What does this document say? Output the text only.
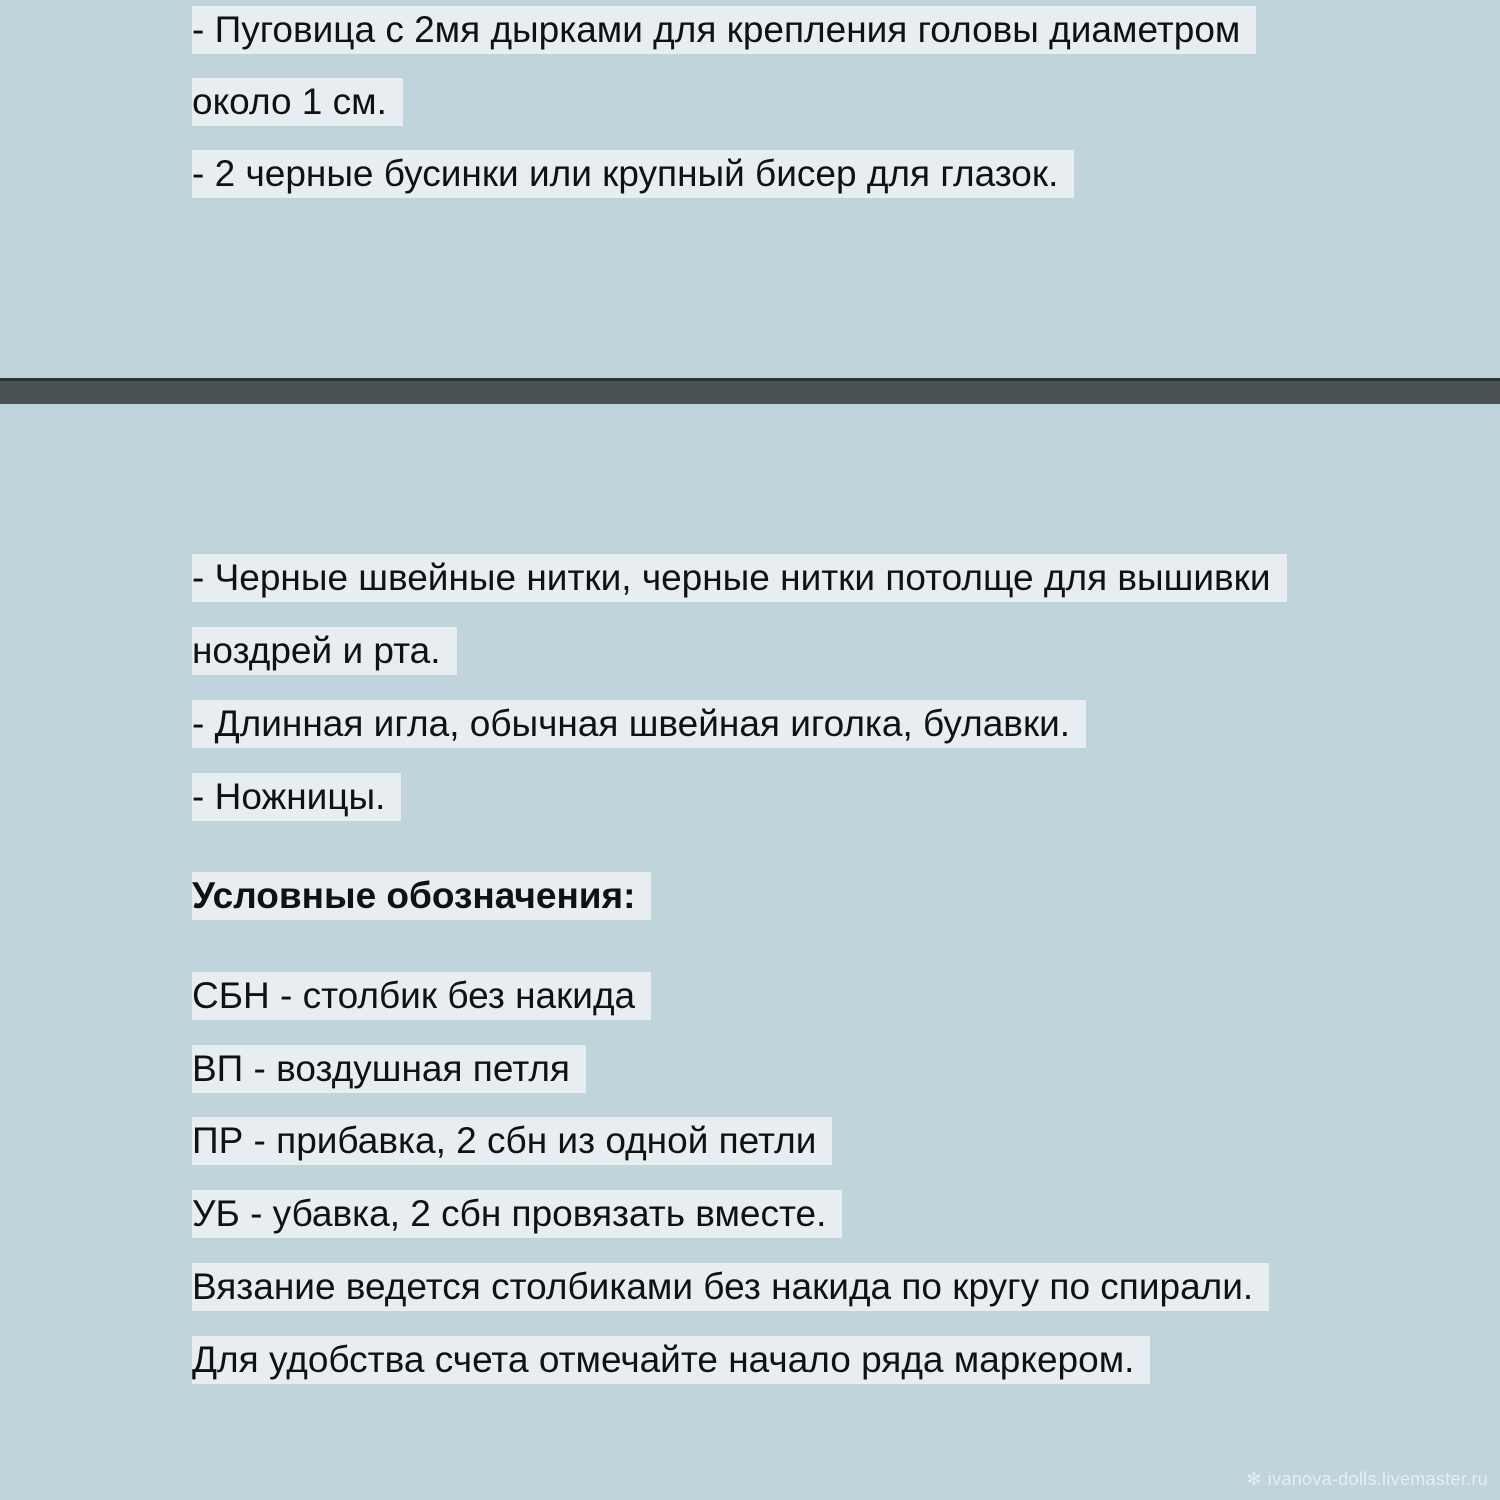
- Пуговица с 2мя дырками для крепления головы диаметром
около 1 см.
- 2 черные бусинки или крупный бисер для глазок.
- Черные швейные нитки, черные нитки потолще для вышивки
ноздрей и рта.
- Длинная игла, обычная швейная иголка, булавки.
- Ножницы.
Условные обозначения:
СБН - столбик без накида
ВП - воздушная петля
ПР - прибавка, 2 сбн из одной петли
УБ - убавка, 2 сбн провязать вместе.
Вязание ведется столбиками без накида по кругу по спирали.
Для удобства счета отмечайте начало ряда маркером.
✻ ivanova-dolls.livemaster.ru
